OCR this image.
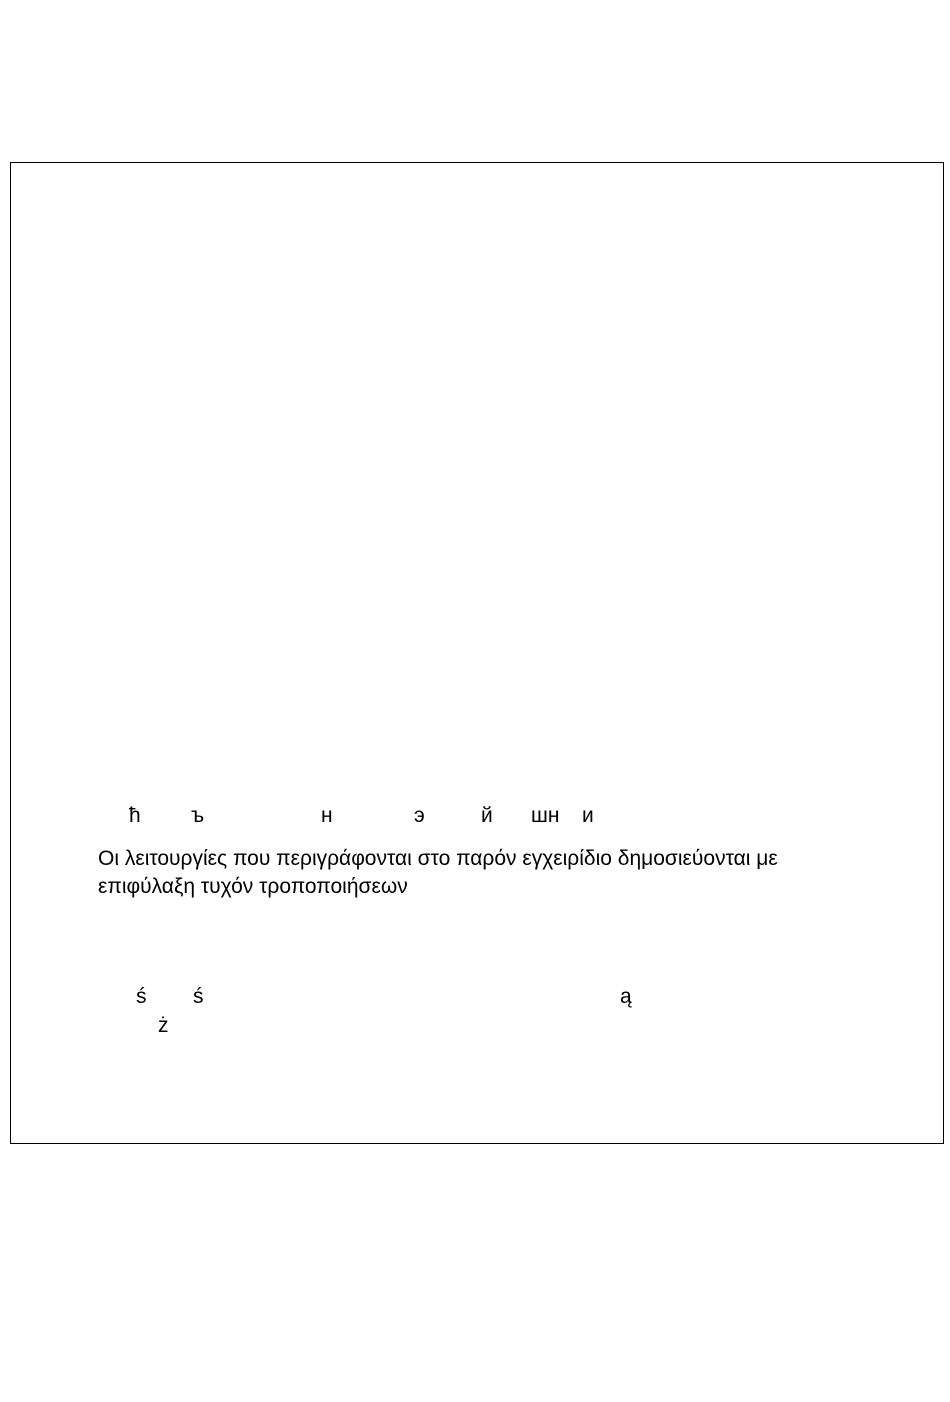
ħ ъ	н	э	й шн и
Οι λειτουργίες που περιγράφονται στο παρόν εγχειρίδιο δημοσιεύονται με
επιφύλαξη τυχόν τροποποιήσεων
ś ś	ą
ż
